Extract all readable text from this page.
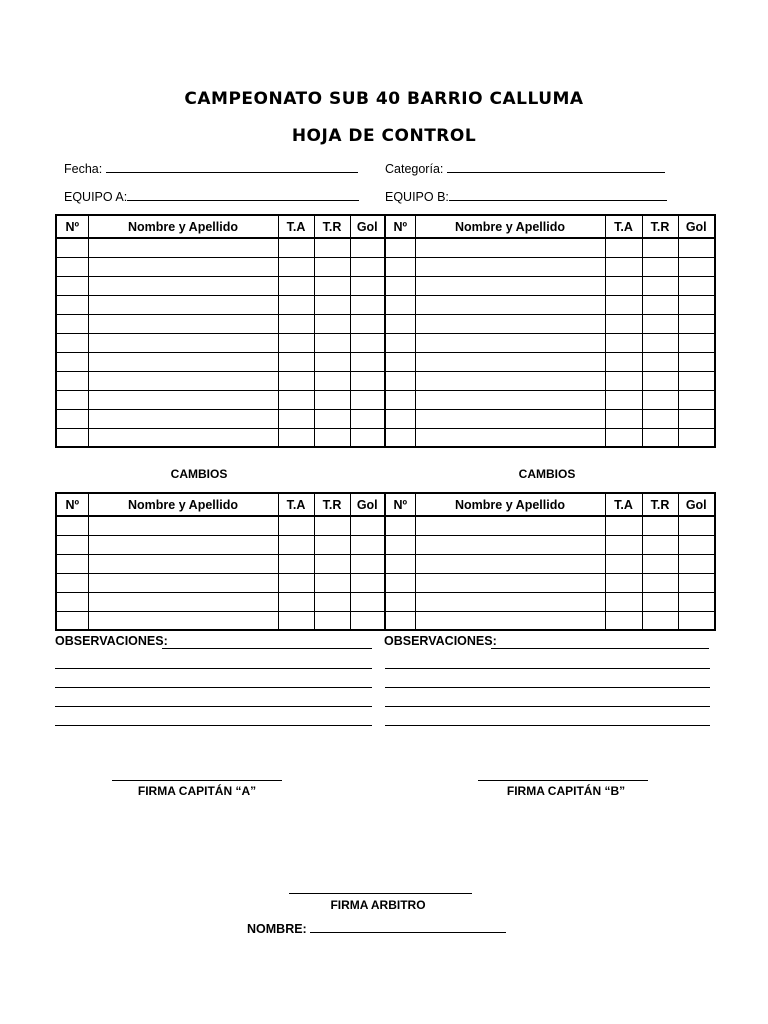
CAMPEONATO SUB 40 BARRIO CALLUMA
HOJA DE CONTROL
Fecha:	Categoría:
EQUIPO A:	EQUIPO B:
Nº	Nombre y Apellido	T.A	T.R	Gol	Nº	Nombre y Apellido	T.A	T.R	Gol

CAMBIOS	CAMBIOS
Nº	Nombre y Apellido	T.A	T.R	Gol	Nº	Nombre y Apellido	T.A	T.R	Gol

OBSERVACIONES:	OBSERVACIONES:
FIRMA CAPITÁN “A”	FIRMA CAPITÁN “B”
FIRMA ARBITRO
NOMBRE:
